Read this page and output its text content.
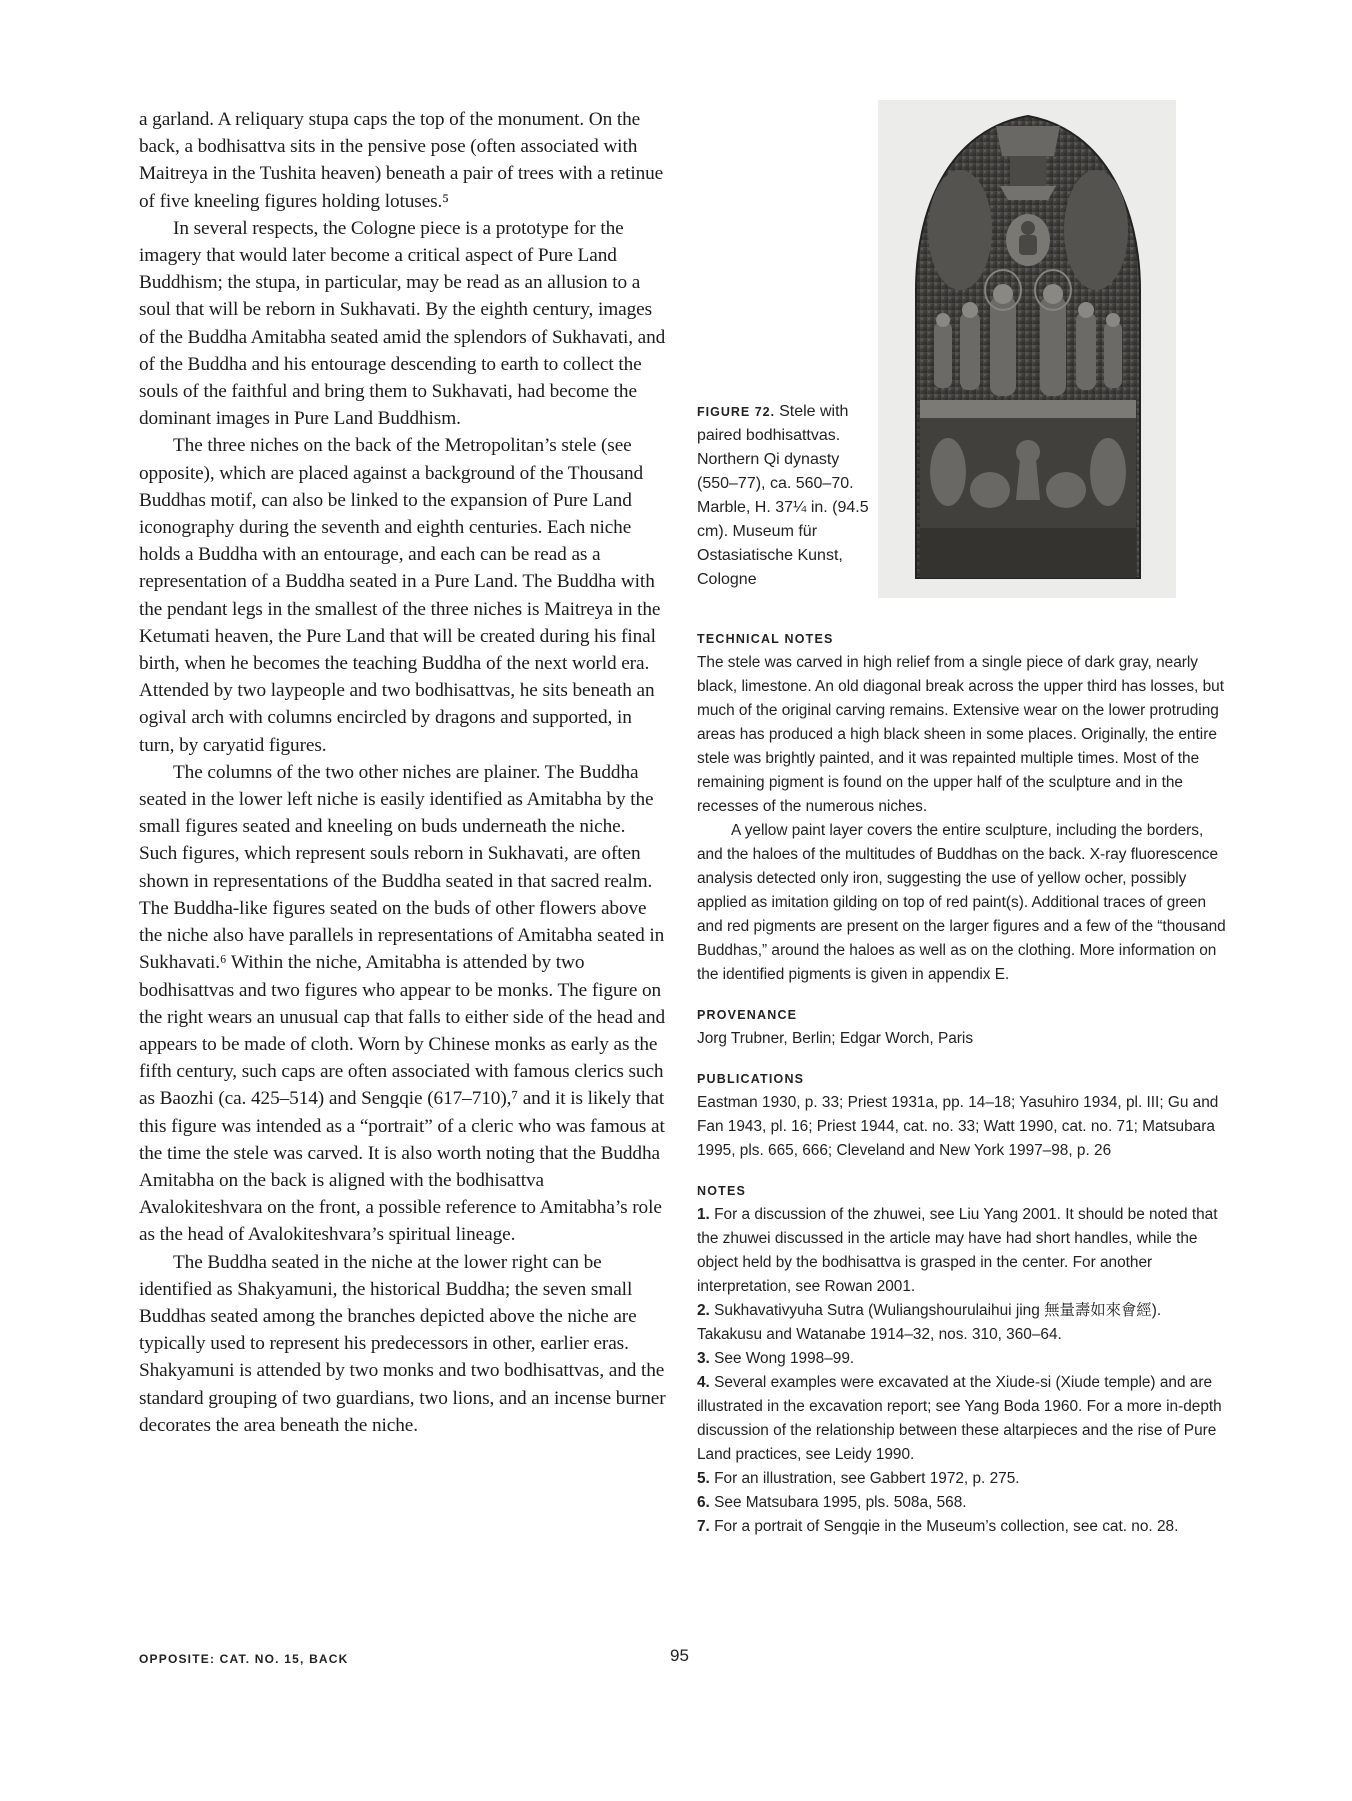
a garland. A reliquary stupa caps the top of the monument. On the back, a bodhisattva sits in the pensive pose (often associated with Maitreya in the Tushita heaven) beneath a pair of trees with a retinue of five kneeling figures holding lotuses.⁵

In several respects, the Cologne piece is a prototype for the imagery that would later become a critical aspect of Pure Land Buddhism; the stupa, in particular, may be read as an allusion to a soul that will be reborn in Sukhavati. By the eighth century, images of the Buddha Amitabha seated amid the splendors of Sukhavati, and of the Buddha and his entourage descending to earth to collect the souls of the faithful and bring them to Sukhavati, had become the dominant images in Pure Land Buddhism.

The three niches on the back of the Metropolitan’s stele (see opposite), which are placed against a background of the Thousand Buddhas motif, can also be linked to the expansion of Pure Land iconography during the seventh and eighth centuries. Each niche holds a Buddha with an entourage, and each can be read as a representation of a Buddha seated in a Pure Land. The Buddha with the pendant legs in the smallest of the three niches is Maitreya in the Ketumati heaven, the Pure Land that will be created during his final birth, when he becomes the teaching Buddha of the next world era. Attended by two laypeople and two bodhisattvas, he sits beneath an ogival arch with columns encircled by dragons and supported, in turn, by caryatid figures.

The columns of the two other niches are plainer. The Buddha seated in the lower left niche is easily identified as Amitabha by the small figures seated and kneeling on buds underneath the niche. Such figures, which represent souls reborn in Sukhavati, are often shown in representations of the Buddha seated in that sacred realm. The Buddha-like figures seated on the buds of other flowers above the niche also have parallels in representations of Amitabha seated in Sukhavati.⁶ Within the niche, Amitabha is attended by two bodhisattvas and two figures who appear to be monks. The figure on the right wears an unusual cap that falls to either side of the head and appears to be made of cloth. Worn by Chinese monks as early as the fifth century, such caps are often associated with famous clerics such as Baozhi (ca. 425–514) and Sengqie (617–710),⁷ and it is likely that this figure was intended as a “portrait” of a cleric who was famous at the time the stele was carved. It is also worth noting that the Buddha Amitabha on the back is aligned with the bodhisattva Avalokiteshvara on the front, a possible reference to Amitabha’s role as the head of Avalokiteshvara’s spiritual lineage.

The Buddha seated in the niche at the lower right can be identified as Shakyamuni, the historical Buddha; the seven small Buddhas seated among the branches depicted above the niche are typically used to represent his predecessors in other, earlier eras. Shakyamuni is attended by two monks and two bodhisattvas, and the standard grouping of two guardians, two lions, and an incense burner decorates the area beneath the niche.

FIGURE 72. Stele with paired bodhisattvas. Northern Qi dynasty (550–77), ca. 560–70. Marble, H. 37¼ in. (94.5 cm). Museum für Ostasiatische Kunst, Cologne
TECHNICAL NOTES

The stele was carved in high relief from a single piece of dark gray, nearly black, limestone. An old diagonal break across the upper third has losses, but much of the original carving remains. Extensive wear on the lower protruding areas has produced a high black sheen in some places. Originally, the entire stele was brightly painted, and it was repainted multiple times. Most of the remaining pigment is found on the upper half of the sculpture and in the recesses of the numerous niches.

A yellow paint layer covers the entire sculpture, including the borders, and the haloes of the multitudes of Buddhas on the back. X-ray fluorescence analysis detected only iron, suggesting the use of yellow ocher, possibly applied as imitation gilding on top of red paint(s). Additional traces of green and red pigments are present on the larger figures and a few of the “thousand Buddhas,” around the haloes as well as on the clothing. More information on the identified pigments is given in appendix E.

PROVENANCE

Jorg Trubner, Berlin; Edgar Worch, Paris

PUBLICATIONS

Eastman 1930, p. 33; Priest 1931a, pp. 14–18; Yasuhiro 1934, pl. III; Gu and Fan 1943, pl. 16; Priest 1944, cat. no. 33; Watt 1990, cat. no. 71; Matsubara 1995, pls. 665, 666; Cleveland and New York 1997–98, p. 26

NOTES
1. For a discussion of the zhuwei, see Liu Yang 2001. It should be noted that the zhuwei discussed in the article may have had short handles, while the object held by the bodhisattva is grasped in the center. For another interpretation, see Rowan 2001.
2. Sukhavativyuha Sutra (Wuliangshourulaihui jing 無量壽如來會經). Takakusu and Watanabe 1914–32, nos. 310, 360–64.
3. See Wong 1998–99.
4. Several examples were excavated at the Xiude-si (Xiude temple) and are illustrated in the excavation report; see Yang Boda 1960. For a more in-depth discussion of the relationship between these altarpieces and the rise of Pure Land practices, see Leidy 1990.
5. For an illustration, see Gabbert 1972, p. 275.
6. See Matsubara 1995, pls. 508a, 568.
7. For a portrait of Sengqie in the Museum’s collection, see cat. no. 28.
OPPOSITE: CAT. NO. 15, BACK	95
